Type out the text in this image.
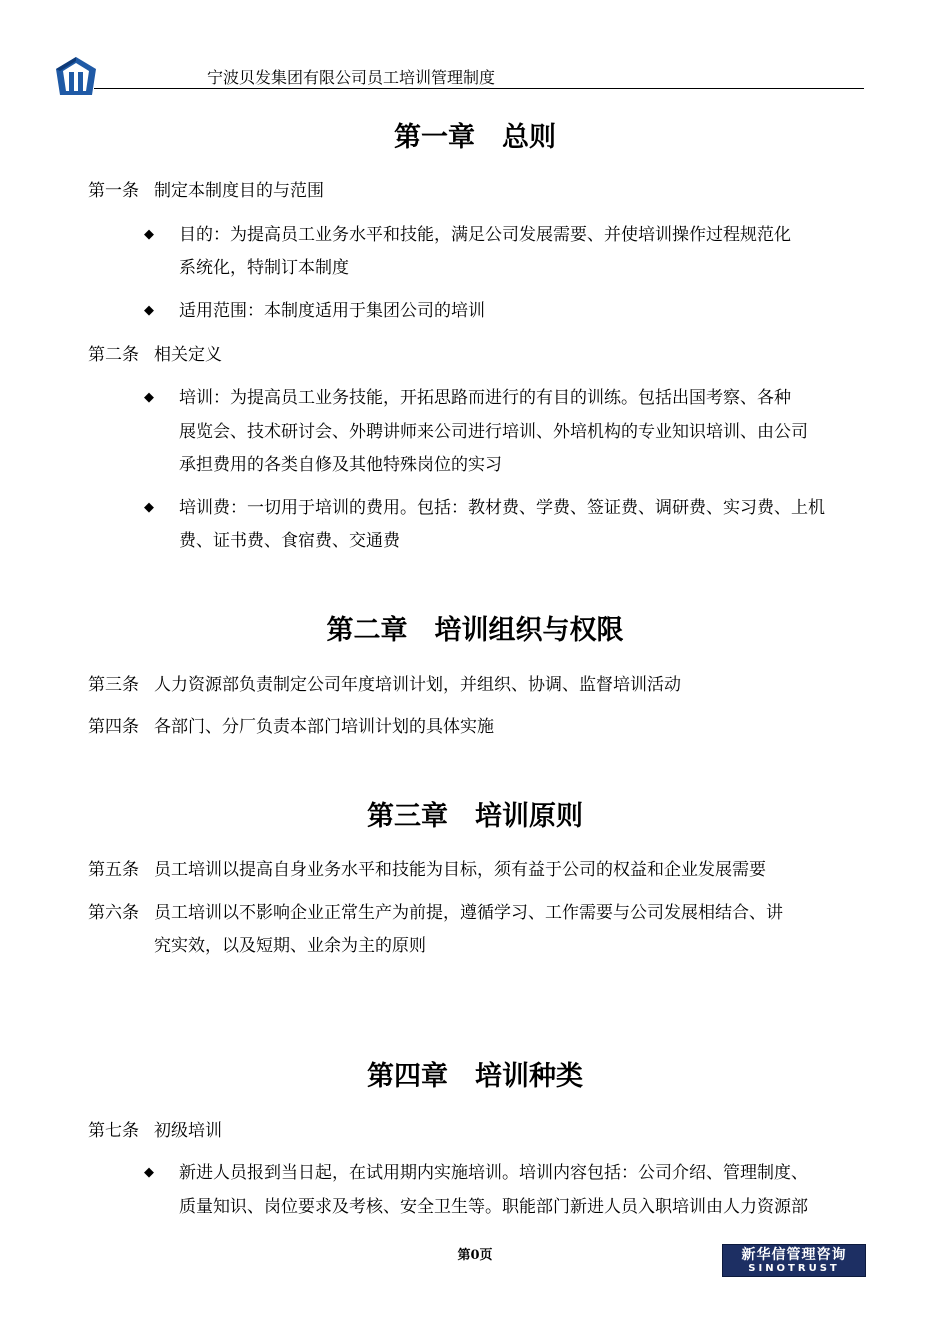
宁波贝发集团有限公司员工培训管理制度
第一章　总则
第一条 制定本制度目的与范围
◆ 目的：为提高员工业务水平和技能，满足公司发展需要、并使培训操作过程规范化
系统化，特制订本制度
◆ 适用范围：本制度适用于集团公司的培训
第二条 相关定义
◆ 培训：为提高员工业务技能，开拓思路而进行的有目的训练。包括出国考察、各种
展览会、技术研讨会、外聘讲师来公司进行培训、外培机构的专业知识培训、由公司
承担费用的各类自修及其他特殊岗位的实习
◆ 培训费：一切用于培训的费用。包括：教材费、学费、签证费、调研费、实习费、上机
费、证书费、食宿费、交通费
第二章　培训组织与权限
第三条 人力资源部负责制定公司年度培训计划，并组织、协调、监督培训活动
第四条 各部门、分厂负责本部门培训计划的具体实施
第三章　培训原则
第五条 员工培训以提高自身业务水平和技能为目标，须有益于公司的权益和企业发展需要
第六条 员工培训以不影响企业正常生产为前提，遵循学习、工作需要与公司发展相结合、讲
究实效，以及短期、业余为主的原则
第四章　培训种类
第七条 初级培训
◆ 新进人员报到当日起，在试用期内实施培训。培训内容包括：公司介绍、管理制度、
质量知识、岗位要求及考核、安全卫生等。职能部门新进人员入职培训由人力资源部
第0页	新华信管理咨询
SINOTRUST
